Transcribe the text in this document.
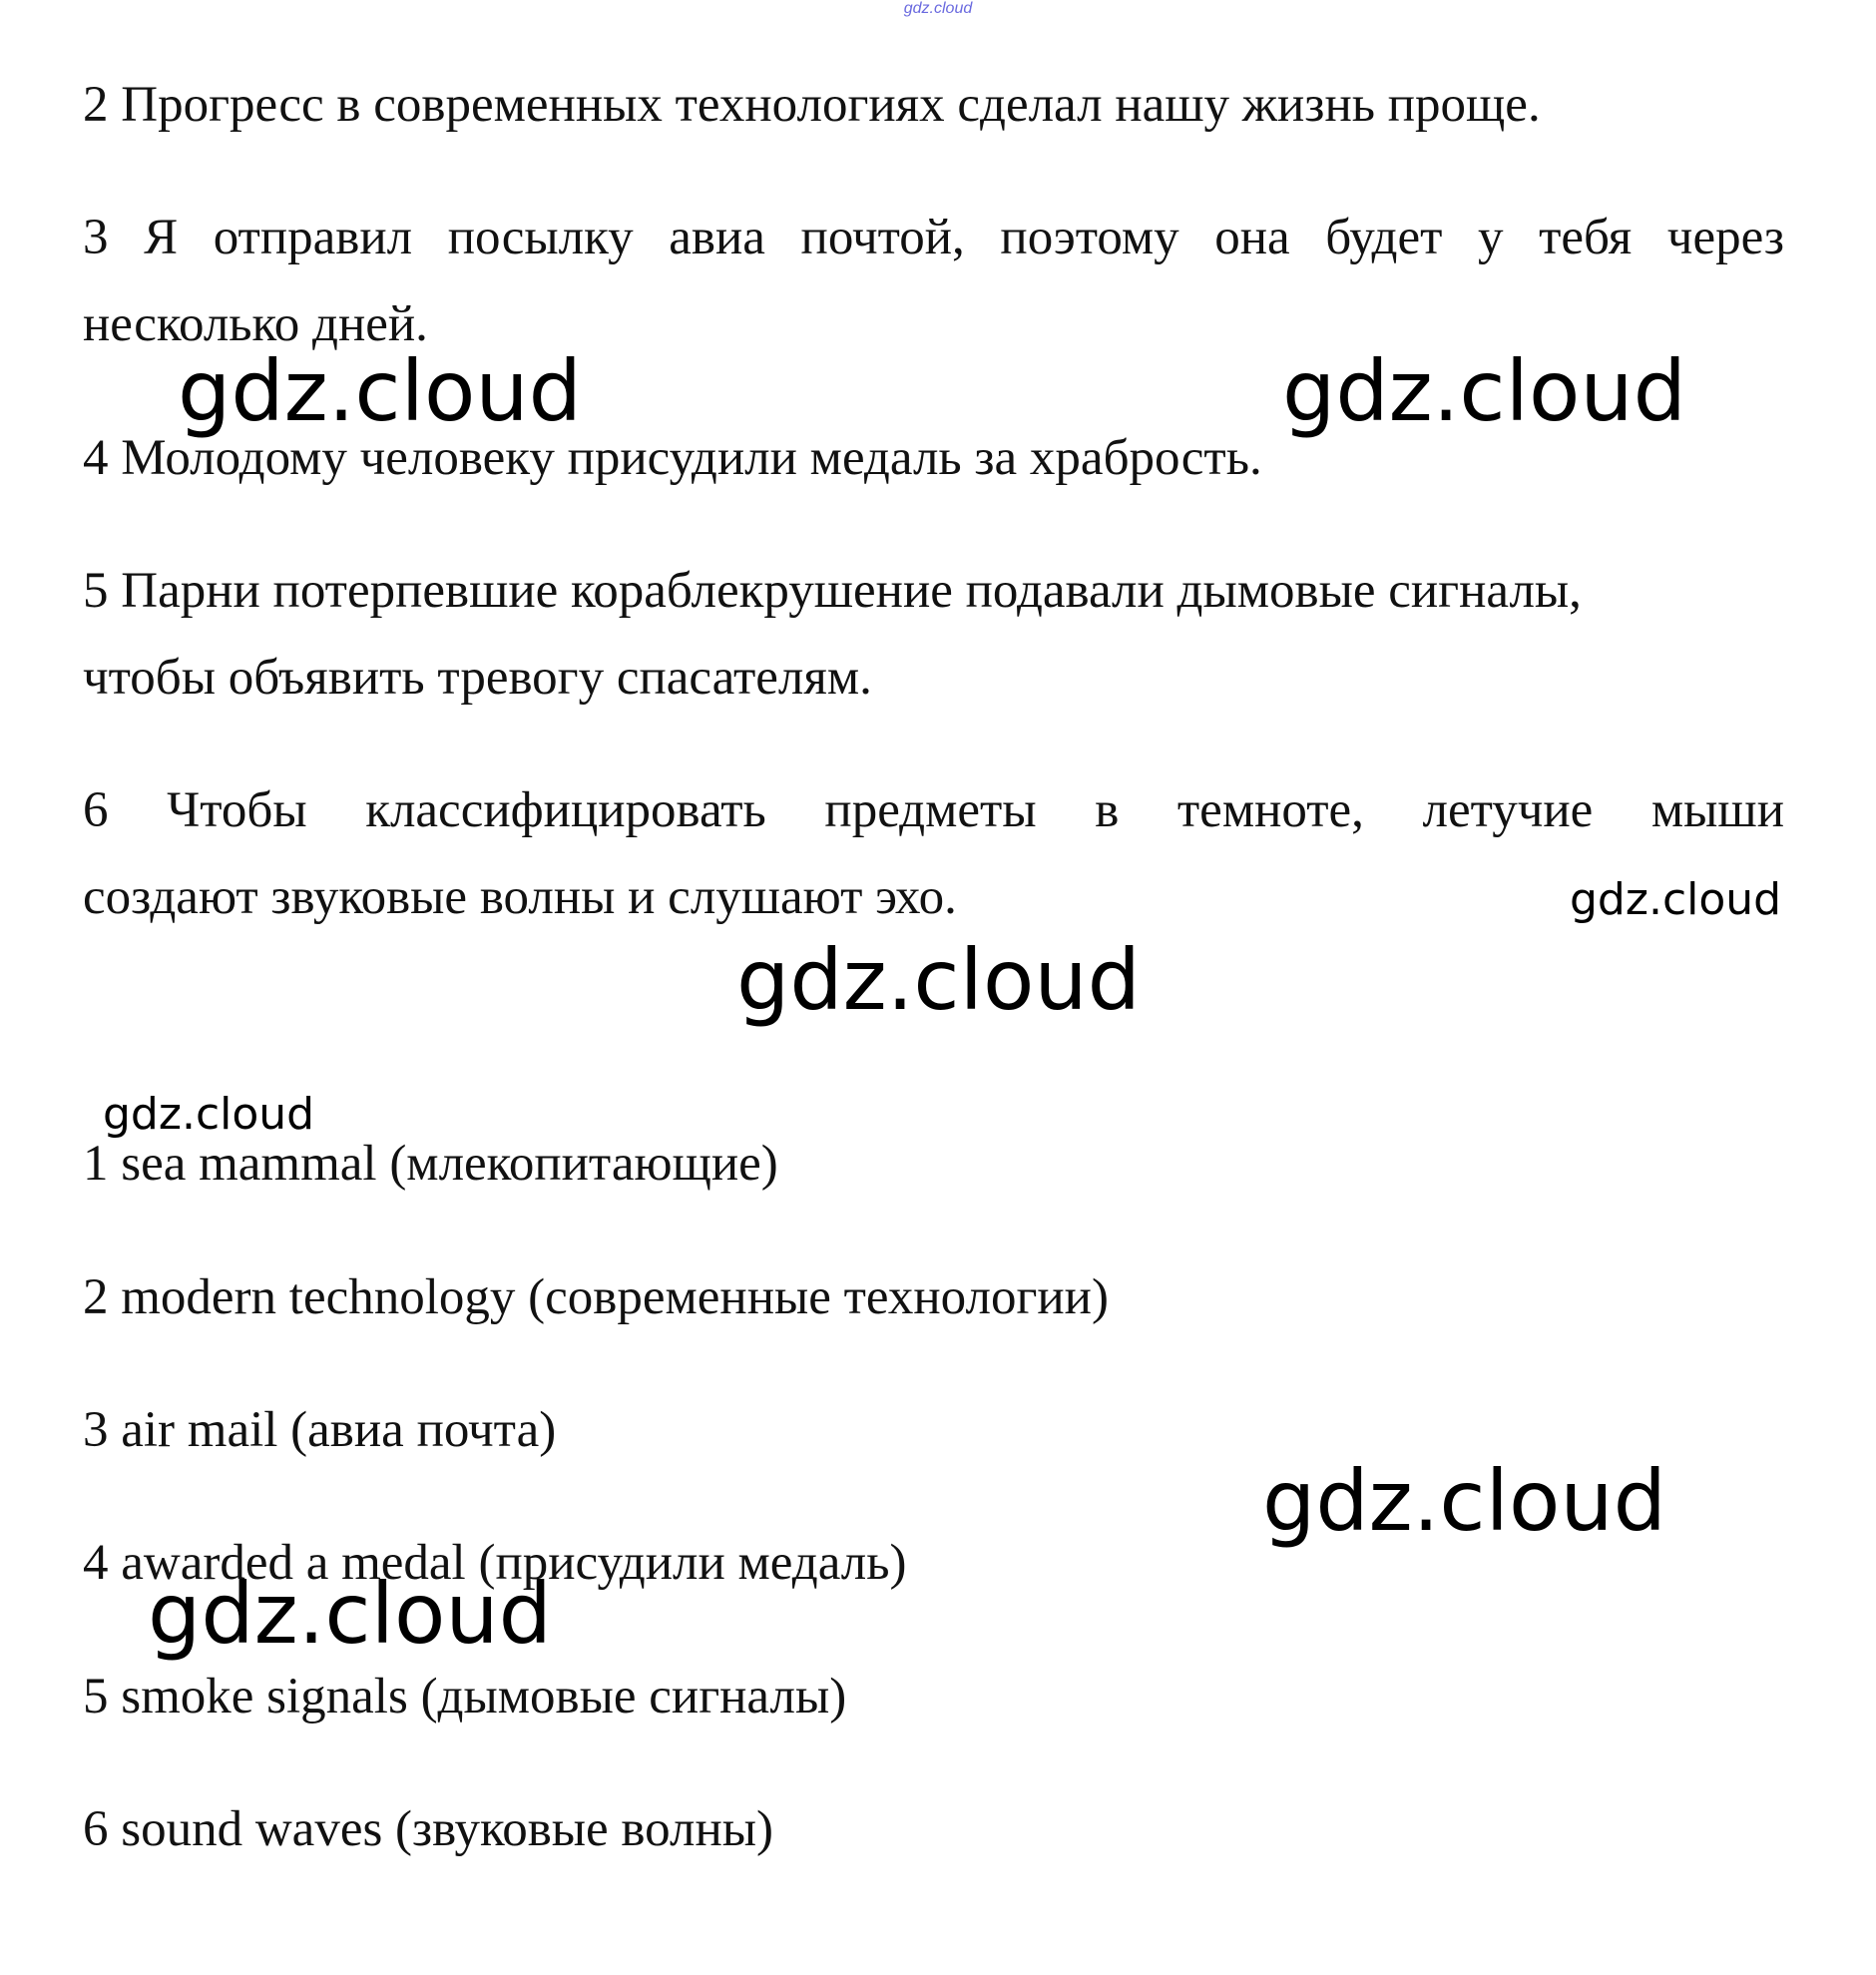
gdz.cloud
2 Прогресс в современных технологиях сделал нашу жизнь проще.
3 Я отправил посылку авиа почтой, поэтому она будет у тебя через
несколько дней.
4 Молодому человеку присудили медаль за храбрость.
5 Парни потерпевшие кораблекрушение подавали дымовые сигналы,
чтобы объявить тревогу спасателям.
6 Чтобы классифицировать предметы в темноте, летучие мыши
создают звуковые волны и слушают эхо.
1 sea mammal (млекопитающие)
2 modern technology (современные технологии)
3 air mail (авиа почта)
4 awarded a medal (присудили медаль)
5 smoke signals (дымовые сигналы)
6 sound waves (звуковые волны)
gdz.cloud	gdz.cloud
gdz.cloud
gdz.cloud
gdz.cloud
gdz.cloud
gdz.cloud
